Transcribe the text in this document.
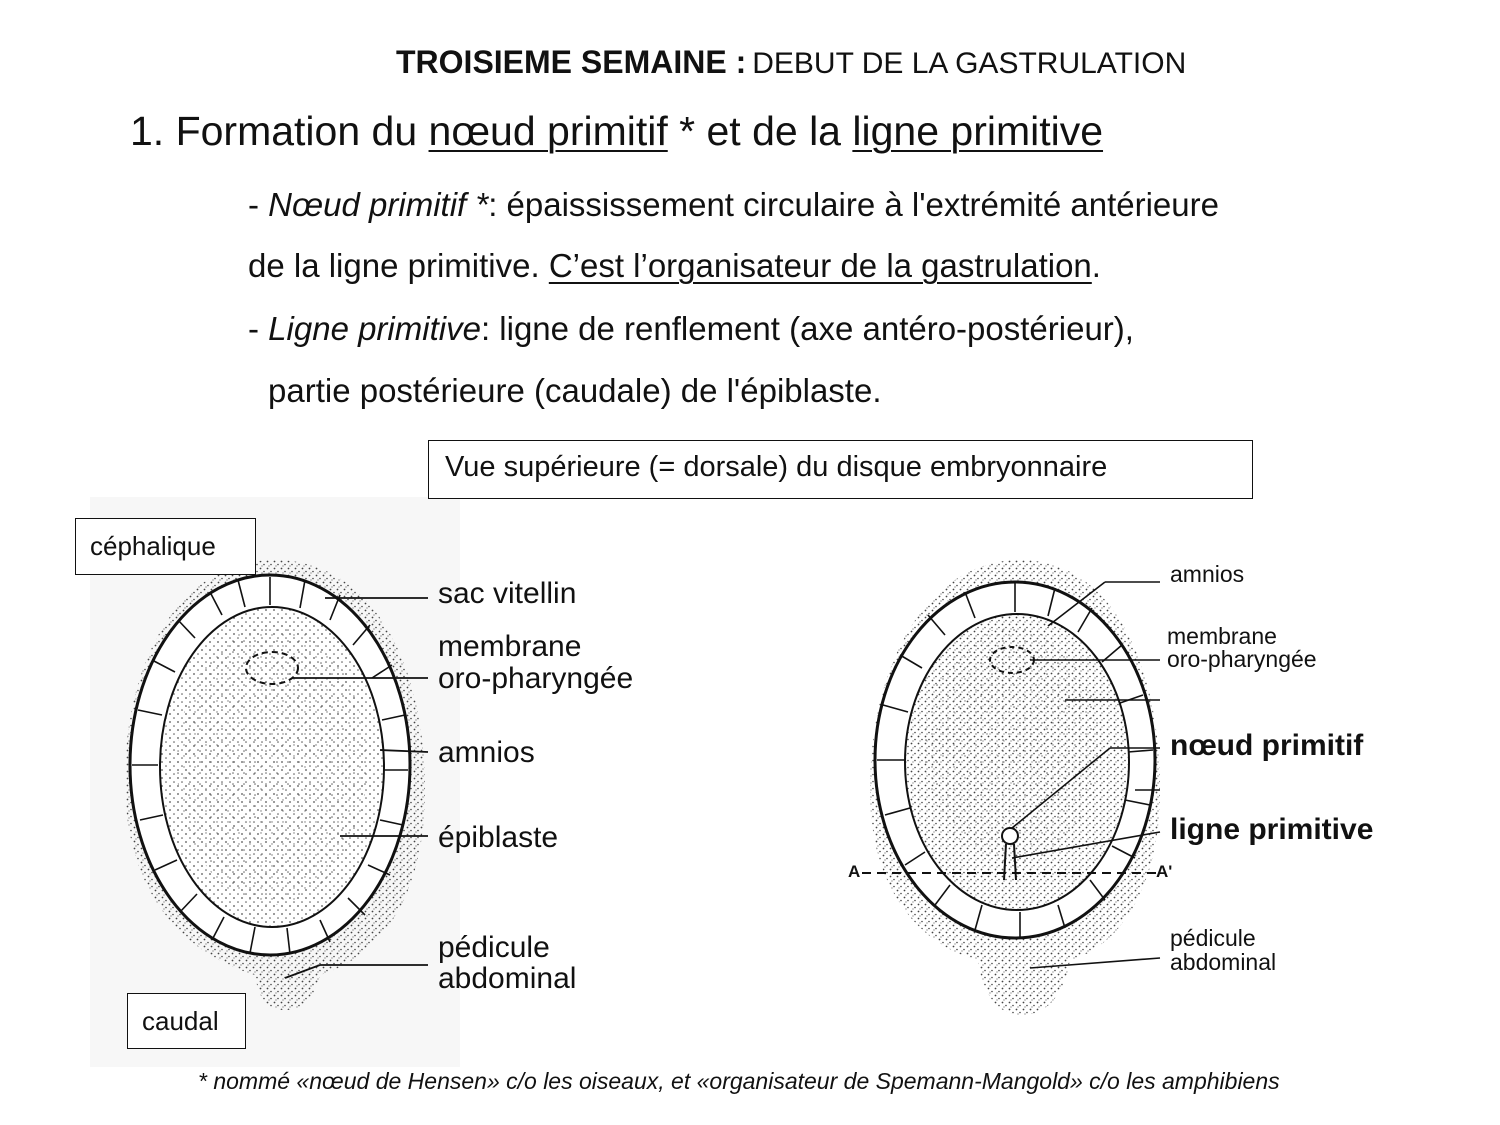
TROISIEME SEMAINE : DEBUT DE LA GASTRULATION
1. Formation du nœud primitif * et de la ligne primitive
- Nœud primitif *: épaississement circulaire à l'extrémité antérieure
de la ligne primitive. C’est l’organisateur de la gastrulation.
- Ligne primitive: ligne de renflement (axe antéro-postérieur),
partie postérieure (caudale) de l'épiblaste.
Vue supérieure (= dorsale) du disque embryonnaire
céphalique
caudal
sac vitellin
membrane
oro-pharyngée
amnios
épiblaste
pédicule
abdominal
amnios
membrane
oro-pharyngée
nœud primitif
ligne primitive
A	A'
pédicule
abdominal
* nommé «nœud de Hensen» c/o les oiseaux, et «organisateur de Spemann-Mangold» c/o les amphibiens
